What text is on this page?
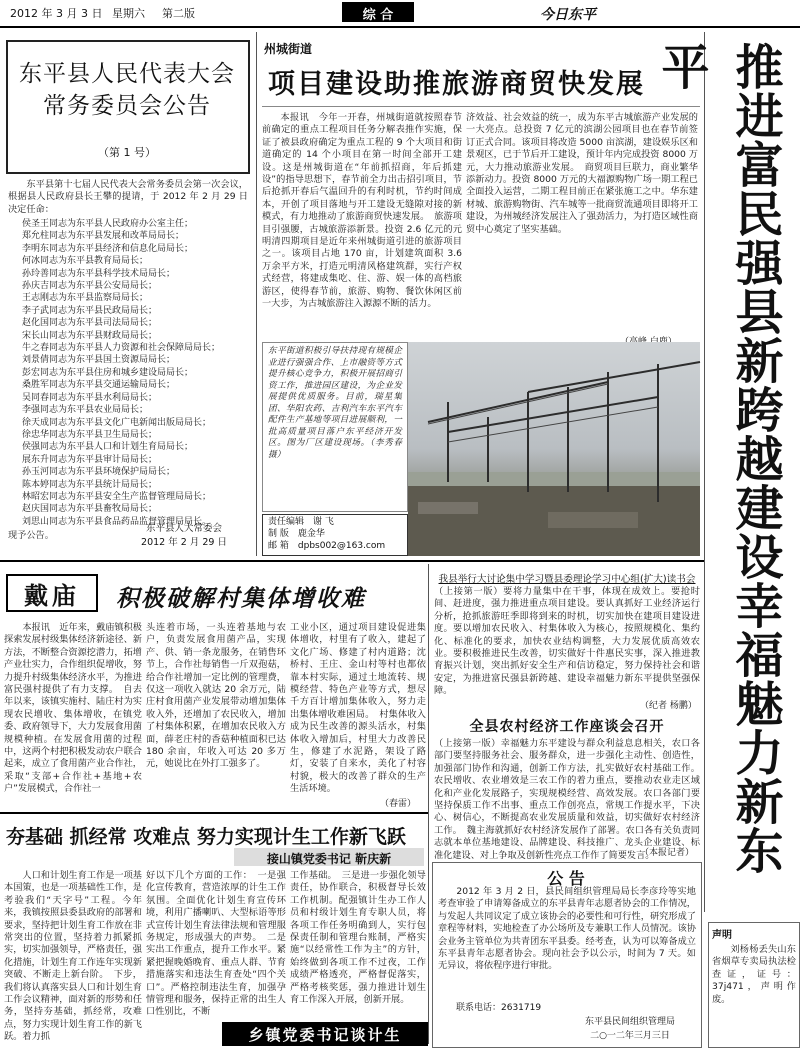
2012 年 3 月 3 日 星期六 第二版	综 合	今日东平
东平县人民代表大会常务委员会公告
（第 1 号）
东平县第十七届人民代表大会常务委员会第一次会议，根据县人民政府县长王攀的提请，于 2012 年 2 月 29 日决定任命：
侯圣王同志为东平县人民政府办公室主任；
郑允柱同志为东平县发展和改革局局长；
李明东同志为东平县经济和信息化局局长；
何冰同志为东平县教育局局长；
孙玲善同志为东平县科学技术局局长；
孙庆吉同志为东平县公安局局长；
王志刚志为东平县监察局局长；
李子武同志为东平县民政局局长；
赵化国同志为东平县司法局局长；
宋长山同志为东平县财政局局长；
牛之春同志为东平县人力资源和社会保障局局长；
刘景倩同志为东平县国土资源局局长；
彭宏同志为东平县住房和城乡建设局局长；
桑胜军同志为东平县交通运输局局长；
吴同春同志为东平县水利局局长；
李强同志为东平县农业局局长；
徐天成同志为东平县文化广电新闻出版局局长；
徐忠华同志为东平县卫生局局长；
侯强同志为东平县人口和计划生育局局长；
展东升同志为东平县审计局局长；
孙玉河同志为东平县环境保护局局长；
陈本婷同志为东平县统计局局长；
林昭宏同志为东平县安全生产监督管理局局长；
赵庆国同志为东平县畜牧局局长；
刘思山同志为东平县食品药品监督管理局局长。
现予公告。
东平县人大常委会
2012 年 2 月 29 日
州城街道
项目建设助推旅游商贸快发展
本报讯　今年一开春，州城街道就按照春节前确定的重点工程项目任务分解表推作实施，保证了被县政府确定为重点工程的 9 个大项目和街道确定的 14 个小项目在第一时间全部开工建设。这是州城街道在“年前抓招商，年后抓建设”的指导思想下，春节前全力出击招引项目，节后抢抓开春后气温回升的有利时机，节约时间成本，开创了项目落地与开工建设无缝隙对接的新模式，有力地推动了旅游商贸快速发展。　旅游项目引强腰，古城旅游添新景。投资 2.6 亿元的元明清四期项目是近年来州城街道引进的旅游项目之一。该项目占地 170 亩，计划建筑面积 3.6 万余平方米，打造元明清风格建筑群，实行产权式经营，将建成集吃、住、游、娱一体的高档旅游区，使得春节前，旅游、购物、餐饮休闲区前一大步，为古城旅游注入源源不断的活力。
济效益、社会效益的统一，成为东平古城旅游产业发展的一大亮点。总投资 7 亿元的滨湖公园项目也在春节前签订正式合同。该项目将改造 5000 亩滨湖，建设娱乐区和景观区，已于节后开工建设，预计年内完成投资 8000 万元，大力推动旅游业发展。　商贸项目巨联力，商业繁华添新动力。投资 8000 万元的大福源购物广场一期工程已全面投入运营，二期工程目前正在紧张施工之中。华东建材城、旅游购物街、汽车城等一批商贸流通项目即将开工建设，为州城经济发展注入了强劲活力，为打造区域性商贸中心奠定了坚实基础。
东平街道积极引导扶持现有规模企业进行强强合作、上市融资等方式提升核心竞争力，积极开展招商引资工作，推进园区建设，为企业发展提供优质服务。目前，瑞星集团、华阳农药、吉利汽车东平汽车配件生产基地等项目进展顺利，一批高质量项目落户东平经济开发区。图为厂区建设现场。（李秀春 摄）
责任编辑　 谢 飞
制 版　 鹿金华
邮 箱　 dpbs002@163.com	推进富民强县新跨越建设幸福魅力新东平
戴庙	积极破解村集体增收难
本报讯　近年来，戴庙镇积极探索发展村级集体经济新途径、新方法，不断整合资源挖潜力，拓增产业壮实力，合作组织促增收，努力提升村级集体经济水平，为推进富民强村提供了有力支撑。　自去年以来，该镇实施村、陆庄村为实现农民增收、集体增收，在镇党委、政府领导下，大力发展食用菌规模种植。在发展食用菌的过程中，这两个村把积极发动农户联合起来，成立了食用菌产业合作社，采取“支部+合作社+基地+农户”发展模式，合作社一
头连着市场，一头连着基地与农户，负责发展食用菌产品，实现产、供、销一条龙服务，在销售环节上，合作社每销售一斤双孢菇，给合作社增加一定比例的管理费，仅这一项收入就达 20 余万元，陆庄村食用菌产业发展带动增加集体收入外，还增加了农民收入，增加了村集体积累，在增加农民收入方面，薛老庄村的香菇种植面积已达 180 余亩，年收入可达 20 多万元，她说比在外打工强多了。
工业小区，通过项目建设促进集体增收，村里有了收入，建起了文化广场、修建了村内道路；沈桥村、王庄、金山村等村也都依靠本村实际，通过土地流转、规模经营、特色产业等方式，想尽千方百计增加集体收入，努力走出集体增收难困局。　村集体收入成为民生改善的源头活水，村集体收入增加后，村里大力改善民生，修建了水泥路，架设了路灯，安装了自来水，美化了村容村貌，极大的改善了群众的生产生活环境。
（春雷）
我县举行大讨论集中学习暨县委理论学习中心组(扩大)读书会
（上接第一版）要将力量集中在干事，体现在成效上。要抢时间、赶进度，强力推进重点项目建设。要认真抓好工业经济运行分析，抢抓旅游旺季即将到来的时机，切实加快在建项目建设进度。要以增加农民收入、村集体收入为核心，按照规模化、集约化、标准化的要求，加快农业结构调整，大力发展优质高效农业。要积极推进民生改善，切实做好十件惠民实事，深入推进教育振兴计划，突出抓好安全生产和信访稳定，努力保持社会和谐安定，为推进富民强县新跨越、建设幸福魅力新东平提供坚强保障。
（纪者 杨鹏）
全县农村经济工作座谈会召开
（上接第一版）幸福魅力东平建设与群众利益息息相关，农口各部门要坚持服务社会、服务群众，进一步强化主动性、创造性，加强部门协作和沟通，创新工作方法，扎实做好农村基础工作。农民增收、农业增效是三农工作的着力重点，要推动农业走区域化和产业化发展路子，实现规模经营、高效发展。农口各部门要坚持保质工作不出事、重点工作创亮点，常规工作提水平，下决心、树信心，不断提高农业发展质量和效益，切实做好农村经济工作。　魏主海就抓好农村经济发展作了部署。农口各有关负责同志就本单位基地建设、品牌建设、科技推广、龙头企业建设、标准化建设、对上争取及创新性亮点工作作了简要发言。
（本报记者）
夯基础 抓经常 攻难点 努力实现计生工作新飞跃
接山镇党委书记 靳庆新
人口和计划生育工作是一项基本国策，也是一项基础性工作，是考验我们“天字号”工程。今年来，我镇按照县委县政府的部署和要求，坚持把计划生育工作放在非常突出的位置，坚持着力抓紧抓实，切实加强领导，严格责任，强化措施，计划生育工作连年实现新突破、不断走上新台阶。　下步，我们将认真落实县人口和计划生育工作会议精神，面对新的形势和任务，坚持夯基础，抓经常，攻难点，努力实现计划生育工作的新飞跃。着力抓
好以下几个方面的工作：　一是强化宣传教育，营造浓厚的计生工作氛围。全面优化计划生育宣传环境，利用广播喇叭、大型标语等形式宣传计划生育法律法规和管理服务规定，形成强大的声势。　二是实出工作重点，提升工作水平。紧紧把握晚婚晚育、重点人群、节育措施落实和违法生育查处“四个关口”。严格控制违法生育，加强孕情管理和服务，保持正常的出生人口性别比，不断
工作基础。　三是进一步强化领导责任，协作联合，积极督导长效工作机制。配强镇计生办工作人员和村级计划生育专职人员，将各项工作任务明确到人，实行包保责任制和管理台账制，严格实施“以经常性工作为主”的方针，始终做到各项工作不过夜，工作成绩严格透亮，严格督促落实，严格考核奖惩，强力推进计划生育工作深入开展，创新开展。
乡镇党委书记谈计生
公 告
2012 年 3 月 2 日，县民间组织管理局局长李彦玲等实地考查审验了申请筹备成立的东平县青年志愿者协会的工作情况，与发起人共同议定了成立该协会的必要性和可行性，研究形成了章程等材料，实地检查了办公场所及专兼职工作人员情况。该协会业务主管单位为共青团东平县委。经考查，认为可以筹备成立东平县青年志愿者协会。现向社会予以公示，时间为 7 天。如无异议，将依程序进行审批。
联系电话：2631719
东平县民间组织管理局
二○一二年三月三日
声明
刘杨杨丢失山东省烟草专卖局执法检查证，证号：37j471，声明作废。
